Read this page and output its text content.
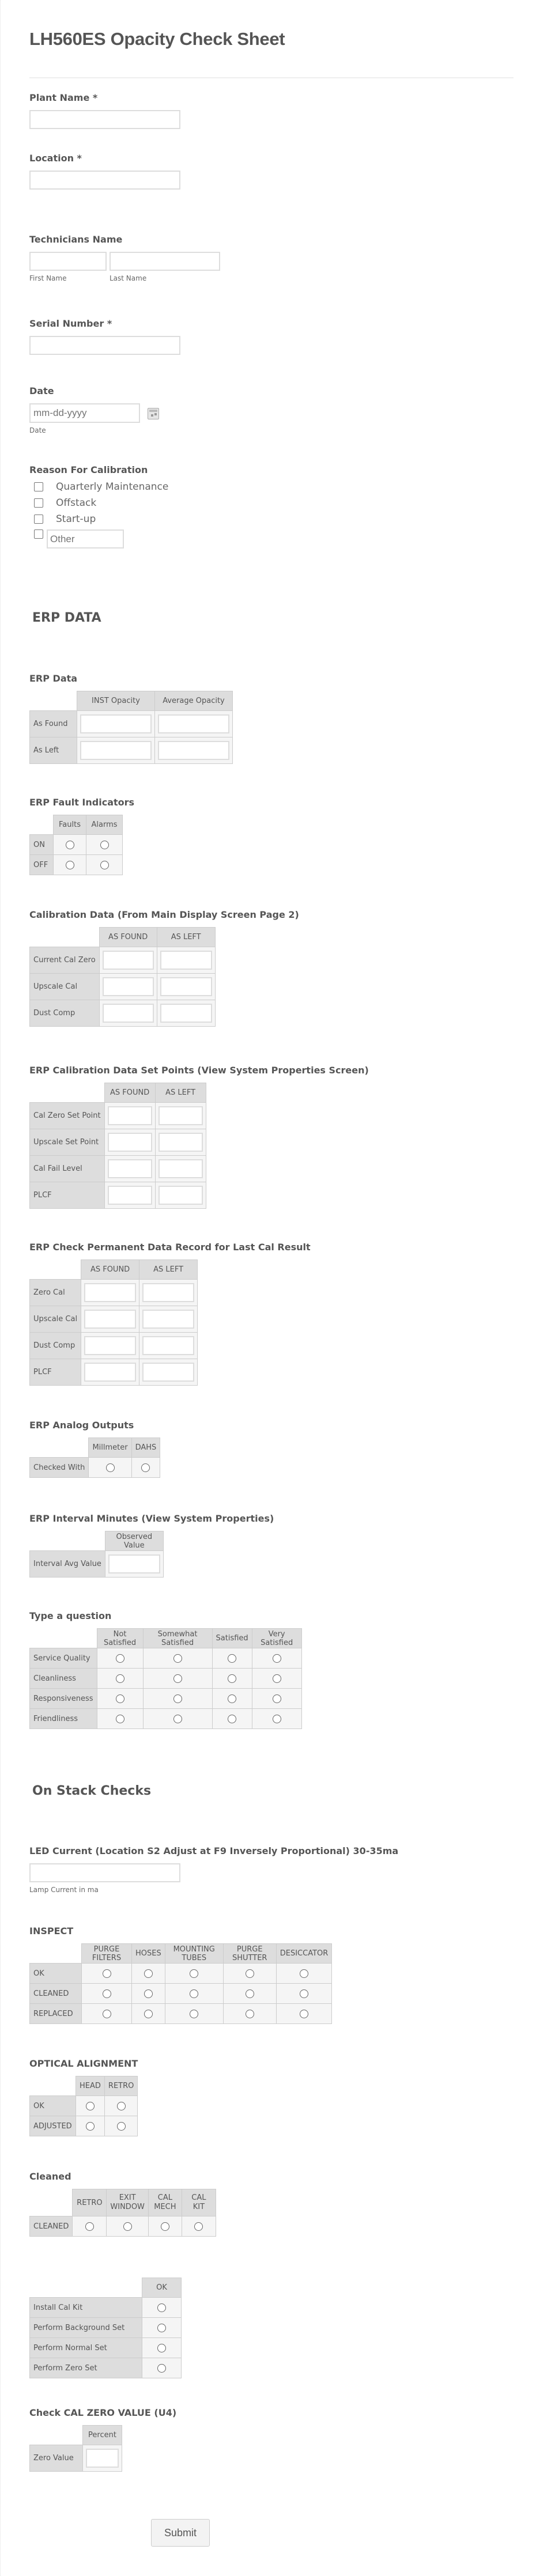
LH560ES Opacity Check Sheet
Plant Name *
Location *
Technicians Name
First Name	Last Name
Serial Number *
Date
mm-dd-yyyy
Date
Reason For Calibration
Quarterly Maintenance
Offstack
Start-up
Other
ERP DATA
ERP Data
	INST Opacity	Average Opacity
As Found	

As Left	

ERP Fault Indicators
	Faults	Alarms
ON		
OFF		
Calibration Data (From Main Display Screen Page 2)
	AS FOUND	AS LEFT
Current Cal Zero	

Upscale Cal	

Dust Comp	

ERP Calibration Data Set Points (View System Properties Screen)
	AS FOUND	AS LEFT
Cal Zero Set Point	

Upscale Set Point	

Cal Fail Level	

PLCF	

ERP Check Permanent Data Record for Last Cal Result
	AS FOUND	AS LEFT
Zero Cal	

Upscale Cal	

Dust Comp	

PLCF	

ERP Analog Outputs
	Millmeter	DAHS
Checked With		
ERP Interval Minutes (View System Properties)
	Observed Value
Interval Avg Value	
Type a question
	Not Satisfied	Somewhat Satisfied	Satisfied	Very Satisfied
Service Quality				
Cleanliness				
Responsiveness				
Friendliness				
On Stack Checks
LED Current (Location S2 Adjust at F9 Inversely Proportional) 30-35ma
Lamp Current in ma
INSPECT
	PURGE FILTERS	HOSES	MOUNTING TUBES	PURGE SHUTTER	DESICCATOR
OK					
CLEANED					
REPLACED					
OPTICAL ALIGNMENT
	HEAD	RETRO
OK		
ADJUSTED		
Cleaned
	RETRO	EXIT WINDOW	CAL MECH	CAL KIT
CLEANED				
	OK
Install Cal Kit	
Perform Background Set	
Perform Normal Set	
Perform Zero Set	
Check CAL ZERO VALUE (U4)
	Percent
Zero Value	
Submit
